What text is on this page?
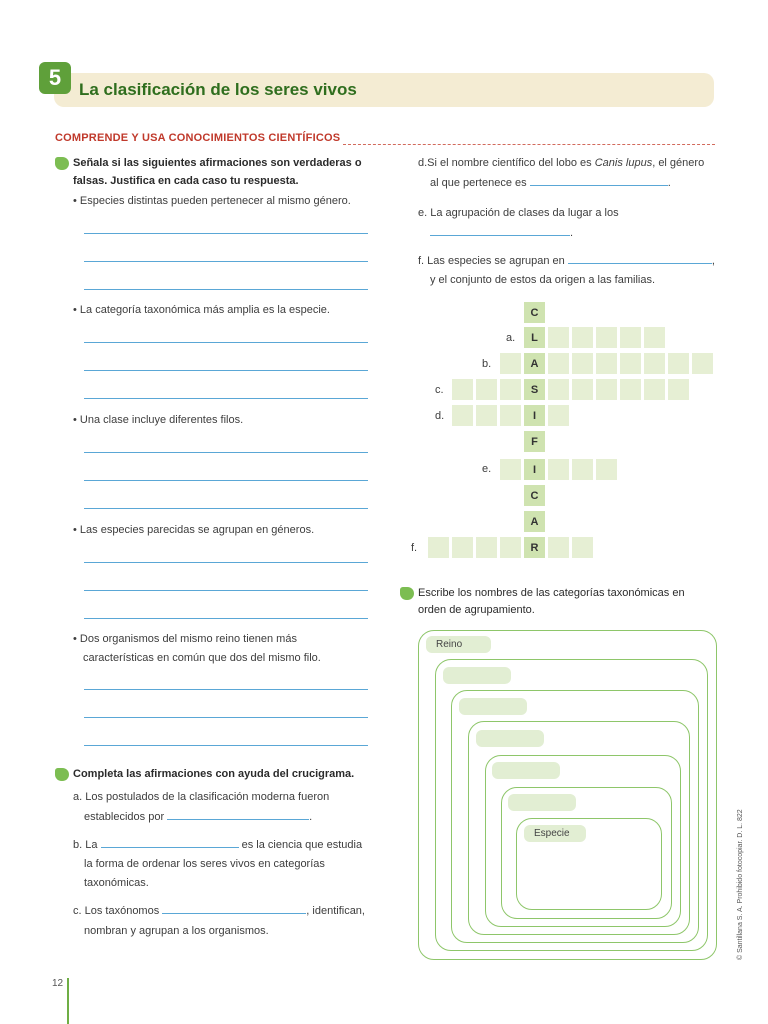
5	La clasificación de los seres vivos
COMPRENDE Y USA CONOCIMIENTOS CIENTÍFICOS
Señala si las siguientes afirmaciones son verdaderas o
falsas. Justifica en cada caso tu respuesta.
• Especies distintas pueden pertenecer al mismo género.
• La categoría taxonómica más amplia es la especie.
• Una clase incluye diferentes filos.
• Las especies parecidas se agrupan en géneros.
• Dos organismos del mismo reino tienen más
características en común que dos del mismo filo.
Completa las afirmaciones con ayuda del crucigrama.
a. Los postulados de la clasificación moderna fueron
establecidos por	.
b. La	es la ciencia que estudia
la forma de ordenar los seres vivos en categorías
taxonómicas.
c. Los taxónomos	, identifican,
nombran y agrupan a los organismos.
d.Si el nombre científico del lobo es Canis lupus, el género
al que pertenece es	.
e. La agrupación de clases da lugar a los
.
f. Las especies se agrupan en	,
y el conjunto de estos da origen a las familias.
C
L
A
S
I
F
I
C
A
R
a.
b.
c.
d.
e.
f.
Escribe los nombres de las categorías taxonómicas en
orden de agrupamiento.
Reino
Especie	© Santillana S. A. Prohibido fotocopiar. D. L. 822
12
